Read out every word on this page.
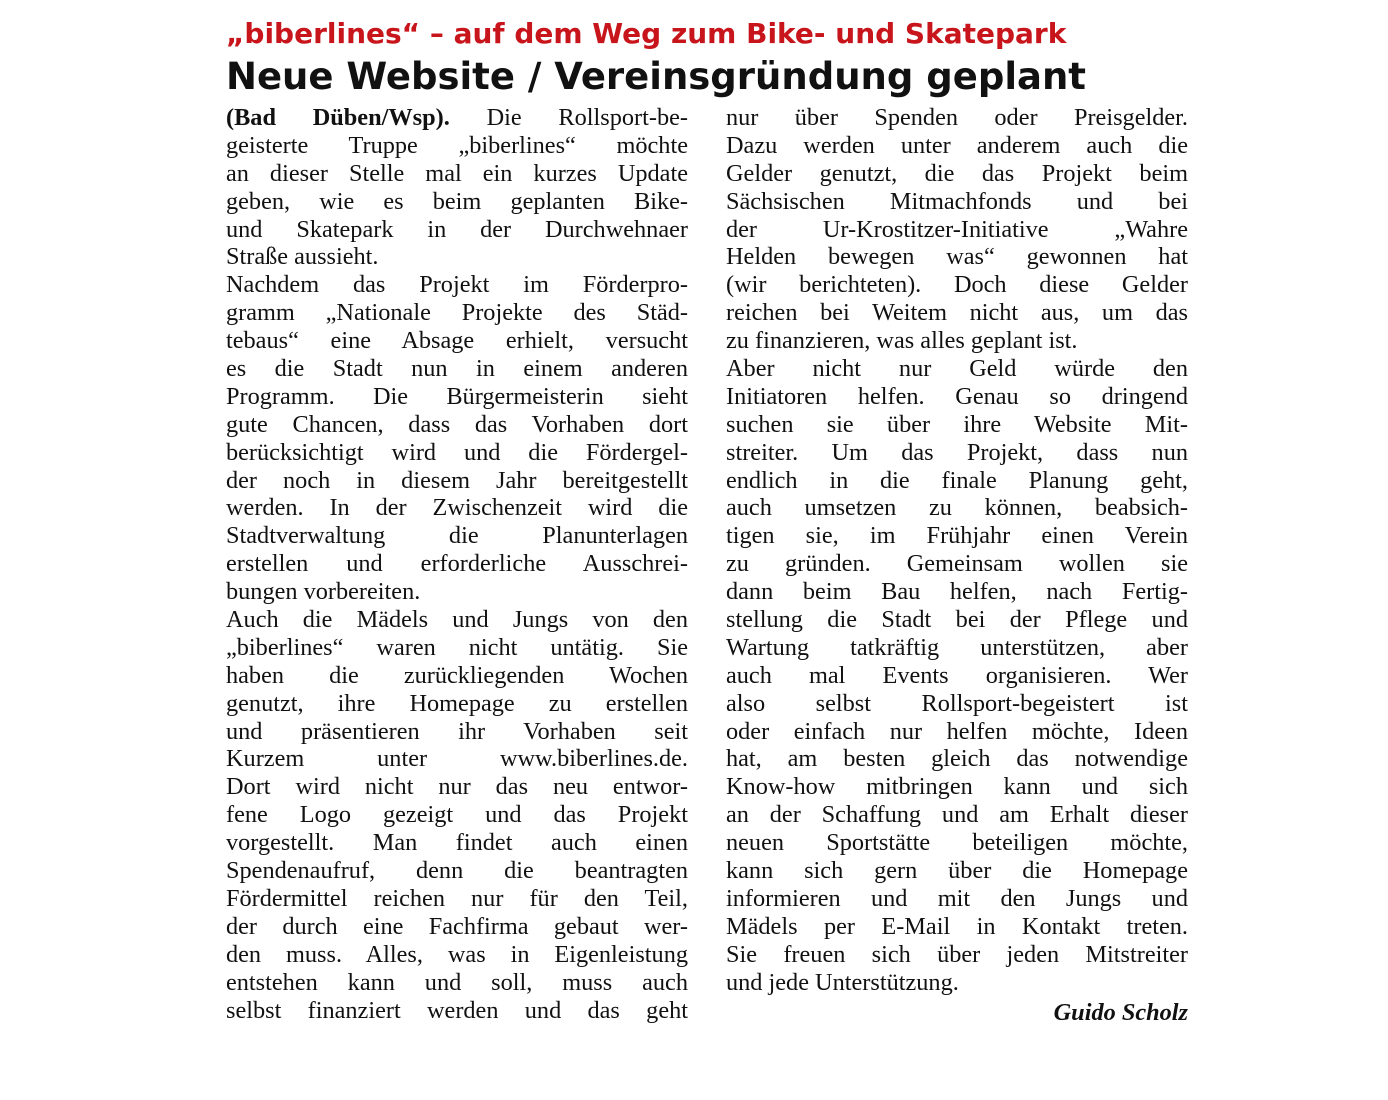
„biberlines“ – auf dem Weg zum Bike- und Skatepark
Neue Website / Vereinsgründung geplant
(Bad Düben/Wsp). Die Rollsport-be-
geisterte Truppe „biberlines“ möchte
an dieser Stelle mal ein kurzes Update
geben, wie es beim geplanten Bike-
und Skatepark in der Durchwehnaer
Straße aussieht.
Nachdem das Projekt im Förderpro-
gramm „Nationale Projekte des Städ-
tebaus“ eine Absage erhielt, versucht
es die Stadt nun in einem anderen
Programm. Die Bürgermeisterin sieht
gute Chancen, dass das Vorhaben dort
berücksichtigt wird und die Fördergel-
der noch in diesem Jahr bereitgestellt
werden. In der Zwischenzeit wird die
Stadtverwaltung die Planunterlagen
erstellen und erforderliche Ausschrei-
bungen vorbereiten.
Auch die Mädels und Jungs von den
„biberlines“ waren nicht untätig. Sie
haben die zurückliegenden Wochen
genutzt, ihre Homepage zu erstellen
und präsentieren ihr Vorhaben seit
Kurzem unter www.biberlines.de.
Dort wird nicht nur das neu entwor-
fene Logo gezeigt und das Projekt
vorgestellt. Man findet auch einen
Spendenaufruf, denn die beantragten
Fördermittel reichen nur für den Teil,
der durch eine Fachfirma gebaut wer-
den muss. Alles, was in Eigenleistung
entstehen kann und soll, muss auch
selbst finanziert werden und das geht
nur über Spenden oder Preisgelder.
Dazu werden unter anderem auch die
Gelder genutzt, die das Projekt beim
Sächsischen Mitmachfonds und bei
der Ur-Krostitzer-Initiative „Wahre
Helden bewegen was“ gewonnen hat
(wir berichteten). Doch diese Gelder
reichen bei Weitem nicht aus, um das
zu finanzieren, was alles geplant ist.
Aber nicht nur Geld würde den
Initiatoren helfen. Genau so dringend
suchen sie über ihre Website Mit-
streiter. Um das Projekt, dass nun
endlich in die finale Planung geht,
auch umsetzen zu können, beabsich-
tigen sie, im Frühjahr einen Verein
zu gründen. Gemeinsam wollen sie
dann beim Bau helfen, nach Fertig-
stellung die Stadt bei der Pflege und
Wartung tatkräftig unterstützen, aber
auch mal Events organisieren. Wer
also selbst Rollsport-begeistert ist
oder einfach nur helfen möchte, Ideen
hat, am besten gleich das notwendige
Know-how mitbringen kann und sich
an der Schaffung und am Erhalt dieser
neuen Sportstätte beteiligen möchte,
kann sich gern über die Homepage
informieren und mit den Jungs und
Mädels per E-Mail in Kontakt treten.
Sie freuen sich über jeden Mitstreiter
und jede Unterstützung.
Guido Scholz
